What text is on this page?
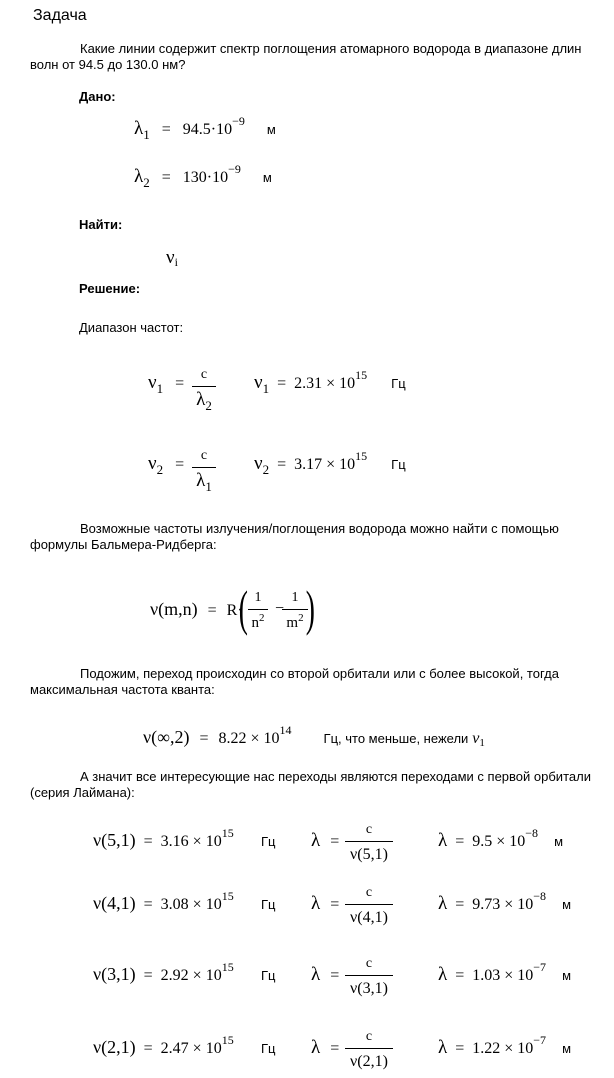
Задача
Какие линии содержит спектр поглощения атомарного водорода в диапазоне длин волн от 94.5 до 130.0 нм?
Дано:
$\lambda_1 = 94.5\cdot 10^{-9}$ м
$\lambda_2 = 130\cdot 10^{-9}$ м
Найти:
νi
Решение:
Диапазон частот:
$\nu_1$ =
c
$\lambda_2$
$\nu_1 = 2.31 \times 10^{15}$ Гц
$\nu_2$ =
c
$\lambda_1$
$\nu_2 = 3.17 \times 10^{15}$ Гц
Возможные частоты излучения/поглощения водорода можно найти с помощью формулы Бальмера-Ридберга:
ν(m,n) = R·
( 1
$n^2$
−
1
$m^2$ )
Подожим, переход происходин со второй орбитали или с более высокой, тогда максимальная частота кванта:
$\nu(\infty,2) = 8.22 \times 10^{14}$ Гц, что меньше, нежели ν1
А значит все интересующие нас переходы являются переходами с первой орбитали (серия Лаймана):
$\nu(5,1) = 3.16 \times 10^{15}$
Гц λ =
c
ν(5,1)
$\lambda = 9.5 \times 10^{-8}$ м
$\nu(4,1) = 3.08 \times 10^{15}$
Гц λ =
c
ν(4,1)
$\lambda = 9.73 \times 10^{-8}$ м
$\nu(3,1) = 2.92 \times 10^{15}$
Гц λ =
c
ν(3,1)
$\lambda = 1.03 \times 10^{-7}$ м
$\nu(2,1) = 2.47 \times 10^{15}$
Гц λ =
c
ν(2,1)
$\lambda = 1.22 \times 10^{-7}$ м
